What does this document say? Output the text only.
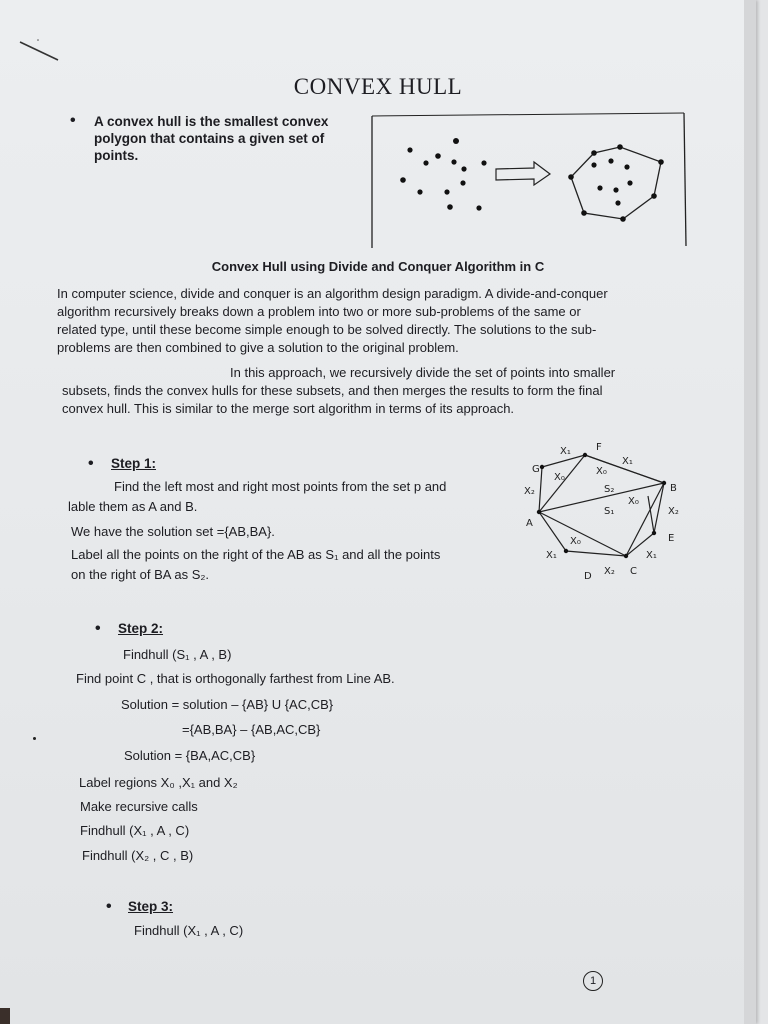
CONVEX HULL
• A convex hull is the smallest convex
polygon that contains a given set of
points.
Convex Hull using Divide and Conquer Algorithm in C
In computer science, divide and conquer is an algorithm design paradigm. A divide-and-conquer
algorithm recursively breaks down a problem into two or more sub-problems of the same or
related type, until these become simple enough to be solved directly. The solutions to the sub-
problems are then combined to give a solution to the original problem.
In this approach, we recursively divide the set of points into smaller
subsets, finds the convex hulls for these subsets, and then merges the results to form the final
convex hull. This is similar to the merge sort algorithm in terms of its approach.
• Step 1:
Find the left most and right most points from the set p and
lable them as A and B.
We have the solution set ={AB,BA}.
Label all the points on the right of the AB as S₁ and all the points
on the right of BA as S₂.
F
G
B
A
E
D	C
X₁
X₁
X₂
X₀
X₀
X₀
X₀
X₂
S₂
S₁
X₁	X₁
X₂
• Step 2:
Findhull (S₁ , A , B)
Find point C , that is orthogonally farthest from Line AB.
Solution = solution – {AB} U {AC,CB}
={AB,BA} – {AB,AC,CB}
Solution = {BA,AC,CB}
Label regions X₀ ,X₁ and X₂
Make recursive calls
Findhull (X₁ , A , C)
Findhull (X₂ , C , B)
• Step 3:
Findhull (X₁ , A , C)
1
